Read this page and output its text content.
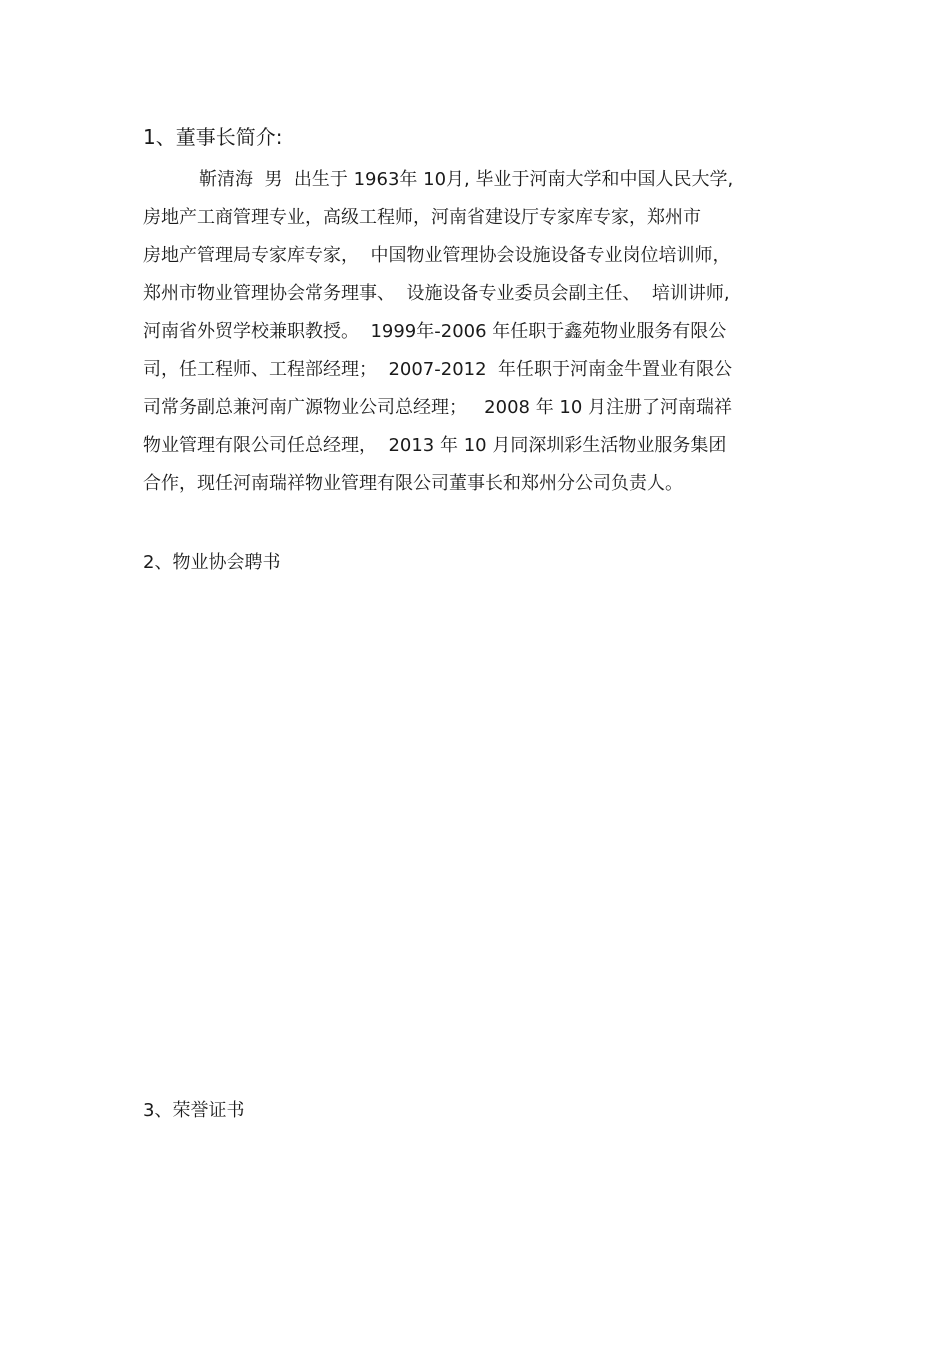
1、董事长简介:

靳清海  男  出生于 1963年 10月, 毕业于河南大学和中国人民大学,
房地产工商管理专业，高级工程师，河南省建设厅专家库专家，郑州市
房地产管理局专家库专家，  中国物业管理协会设施设备专业岗位培训师，
郑州市物业管理协会常务理事、  设施设备专业委员会副主任、  培训讲师,
河南省外贸学校兼职教授。  1999年-2006 年任职于鑫苑物业服务有限公
司，任工程师、工程部经理；  2007-2012  年任职于河南金牛置业有限公
司常务副总兼河南广源物业公司总经理；   2008 年 10 月注册了河南瑞祥
物业管理有限公司任总经理，  2013 年 10 月同深圳彩生活物业服务集团
合作，现任河南瑞祥物业管理有限公司董事长和郑州分公司负责人。

2、物业协会聘书
3、荣誉证书
